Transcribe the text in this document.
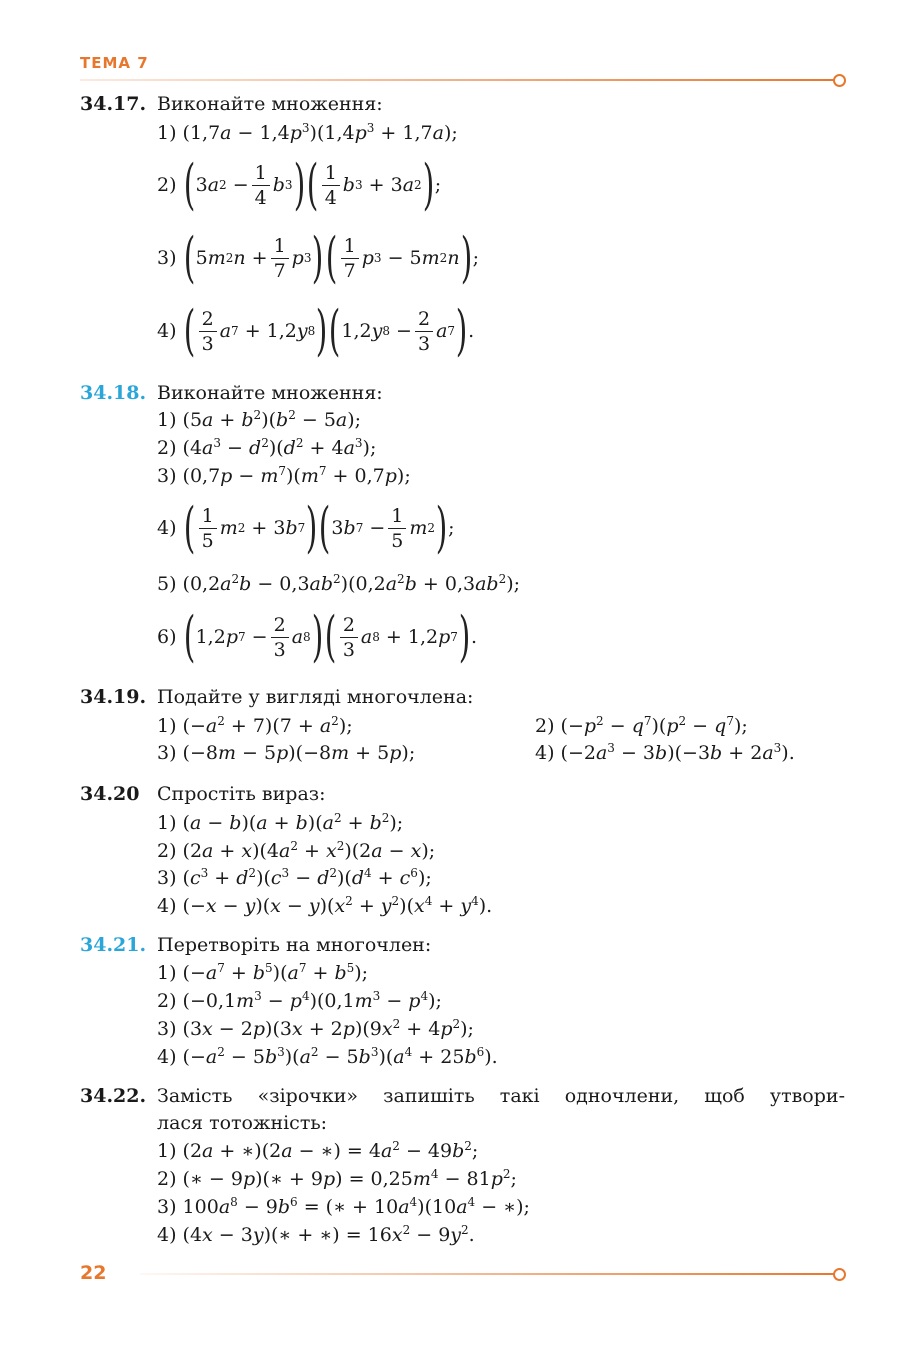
ТЕМА 7
34.17. Виконайте множення:
1) $(1,7a - 1,4p^3)(1,4p^3 + 1,7a)$;
2) ( 3 a $2 - \frac{1}{4}$ b 3 ) ( $\frac{1}{4}$ b 3 + 3 a 2 ) ;
3) ( 5 m 2 $n + \frac{1}{7}$ p 3 ) ( $\frac{1}{7}$ p 3 − 5 m 2 n ) ;
4) ( $\frac{2}{3}$ a 7 + 1,2 y 8 ) ( 1,2 y $8 - \frac{2}{3}$ a 7 ) .
34.18. Виконайте множення:
1) $(5a + b^2)(b^2 - 5a)$;
2) $(4a^3 - d^2)(d^2 + 4a^3)$;
3) $(0,7p - m^7)(m^7 + 0,7p)$;
4) ( $\frac{1}{5}$ m 2 + 3 b 7 ) ( 3 b $7 - \frac{1}{5}$ m 2 ) ;
5) $(0,2a^2b - 0,3ab^2)(0,2a^2b + 0,3ab^2)$;
6) ( 1,2 p $7 - \frac{2}{3}$ a 8 ) ( $\frac{2}{3}$ a 8 + 1,2 p 7 ) .
34.19. Подайте у вигляді многочлена:
1) $(-a^2 + 7)(7 + a^2)$;	2) $(-p^2 - q^7)(p^2 - q^7)$;
3) (−8m − 5p)(−8m + 5p);	4) $(-2a^3 - 3b)(-3b + 2a^3)$.
34.20 Спростіть вираз:
1) $(a - b)(a + b)(a^2 + b^2)$;
2) $(2a + x)(4a^2 + x^2)(2a - x)$;
3) $(c^3 + d^2)(c^3 - d^2)(d^4 + c^6)$;
4) $(-x - y)(x - y)(x^2 + y^2)(x^4 + y^4)$.
34.21. Перетворіть на многочлен:
1) $(-a^7 + b^5)(a^7 + b^5)$;
2) $(-0,1m^3 - p^4)(0,1m^3 - p^4)$;
3) $(3x - 2p)(3x + 2p)(9x^2 + 4p^2)$;
4) $(-a^2 - 5b^3)(a^2 - 5b^3)(a^4 + 25b^6)$.
34.22. Замість «зірочки» запишіть такі одночлени, щоб утвори-
лася тотожність:
1) (2a + ∗)(2a − ∗) = $4a^2 - 49b^2$;
2) (∗ − 9p)(∗ + $9p) = 0,25m^4 - 81p^2$;
3) $100a^8 - 9b^6$ = (∗ + $10a^4)(10a^4$ − ∗);
4) (4x − 3y)(∗ + ∗) = $16x^2 - 9y^2$.
22
